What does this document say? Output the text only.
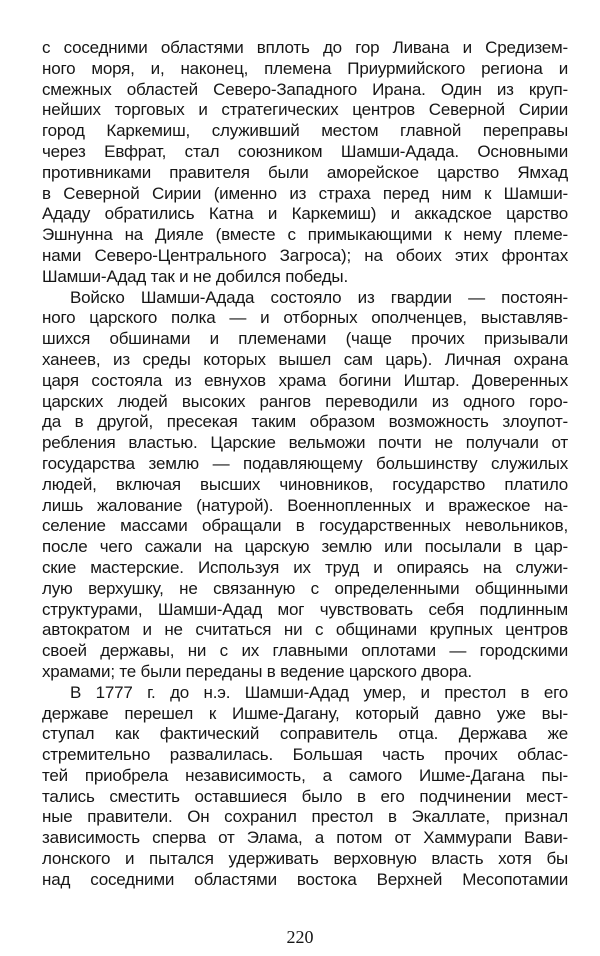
с соседними областями вплоть до гор Ливана и Средизем-
ного моря, и, наконец, племена Приурмийского региона и
смежных областей Северо-Западного Ирана. Один из круп-
нейших торговых и стратегических центров Северной Сирии
город Каркемиш, служивший местом главной переправы
через Евфрат, стал союзником Шамши-Адада. Основными
противниками правителя были аморейское царство Ямхад
в Северной Сирии (именно из страха перед ним к Шамши-
Ададу обратились Катна и Каркемиш) и аккадское царство
Эшнунна на Дияле (вместе с примыкающими к нему племе-
нами Северо-Центрального Загроса); на обоих этих фронтах
Шамши-Адад так и не добился победы.
Войско Шамши-Адада состояло из гвардии — постоян-
ного царского полка — и отборных ополченцев, выставляв-
шихся обшинами и племенами (чаще прочих призывали
ханеев, из среды которых вышел сам царь). Личная охрана
царя состояла из евнухов храма богини Иштар. Доверенных
царских людей высоких рангов переводили из одного горо-
да в другой, пресекая таким образом возможность злоупот-
ребления властью. Царские вельможи почти не получали от
государства землю — подавляющему большинству служилых
людей, включая высших чиновников, государство платило
лишь жалование (натурой). Военнопленных и вражеское на-
селение массами обращали в государственных невольников,
после чего сажали на царскую землю или посылали в цар-
ские мастерские. Используя их труд и опираясь на служи-
лую верхушку, не связанную с определенными общинными
структурами, Шамши-Адад мог чувствовать себя подлинным
автократом и не считаться ни с общинами крупных центров
своей державы, ни с их главными оплотами — городскими
храмами; те были переданы в ведение царского двора.
В 1777 г. до н.э. Шамши-Адад умер, и престол в его
державе перешел к Ишме-Дагану, который давно уже вы-
ступал как фактический соправитель отца. Держава же
стремительно развалилась. Большая часть прочих облас-
тей приобрела независимость, а самого Ишме-Дагана пы-
тались сместить оставшиеся было в его подчинении мест-
ные правители. Он сохранил престол в Экаллате, признал
зависимость сперва от Элама, а потом от Хаммурапи Вави-
лонского и пытался удерживать верховную власть хотя бы
над соседними областями востока Верхней Месопотамии
220
